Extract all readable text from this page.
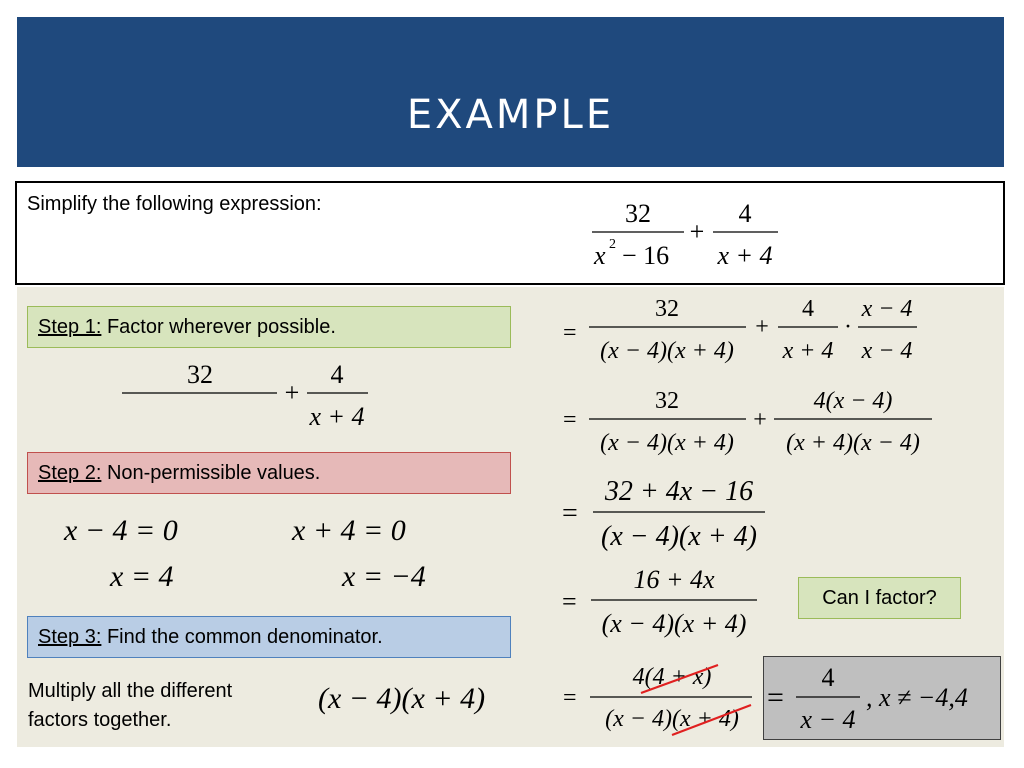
EXAMPLE
Simplify the following expression:
Step 1: Factor wherever possible.
Step 2: Non-permissible values.
Step 3: Find the common denominator.
Multiply all the different
factors together.
Can I factor?
32
x 2 − 16
+
4
x + 4
32
+
4
x + 4
x − 4 = 0	x + 4 = 0
x = 4	x = −4
(x − 4)(x + 4)
=
32
(x − 4)(x + 4)
+
4
x + 4
·
x − 4
x − 4
=
32
(x − 4)(x + 4)
+
4(x − 4)
(x + 4)(x − 4)
=
32 + 4x − 16
(x − 4)(x + 4)
=
16 + 4x
(x − 4)(x + 4)
=
4(4 + x)
(x − 4)(x + 4)
=
4
x − 4
, x ≠ −4,4
